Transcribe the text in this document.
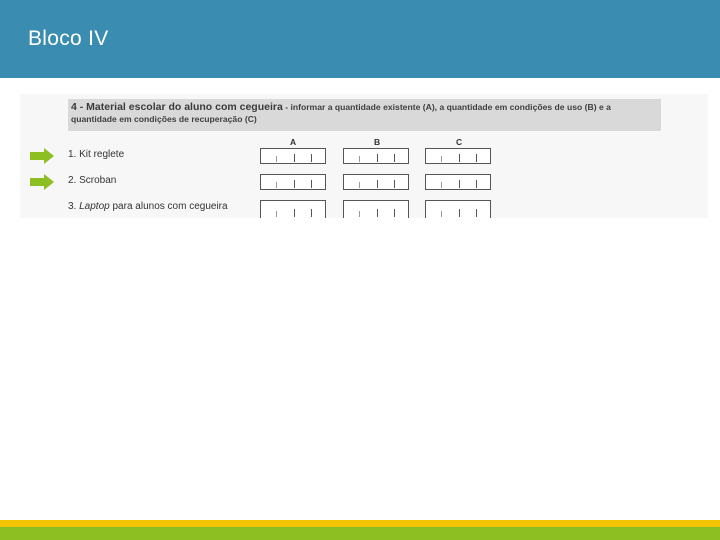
Bloco IV
4 - Material escolar do aluno com cegueira - informar a quantidade existente (A), a quantidade em condições de uso (B) e a quantidade em condições de recuperação (C)
A	B	C
1. Kit reglete
2. Scroban
3. Laptop para alunos com cegueira
